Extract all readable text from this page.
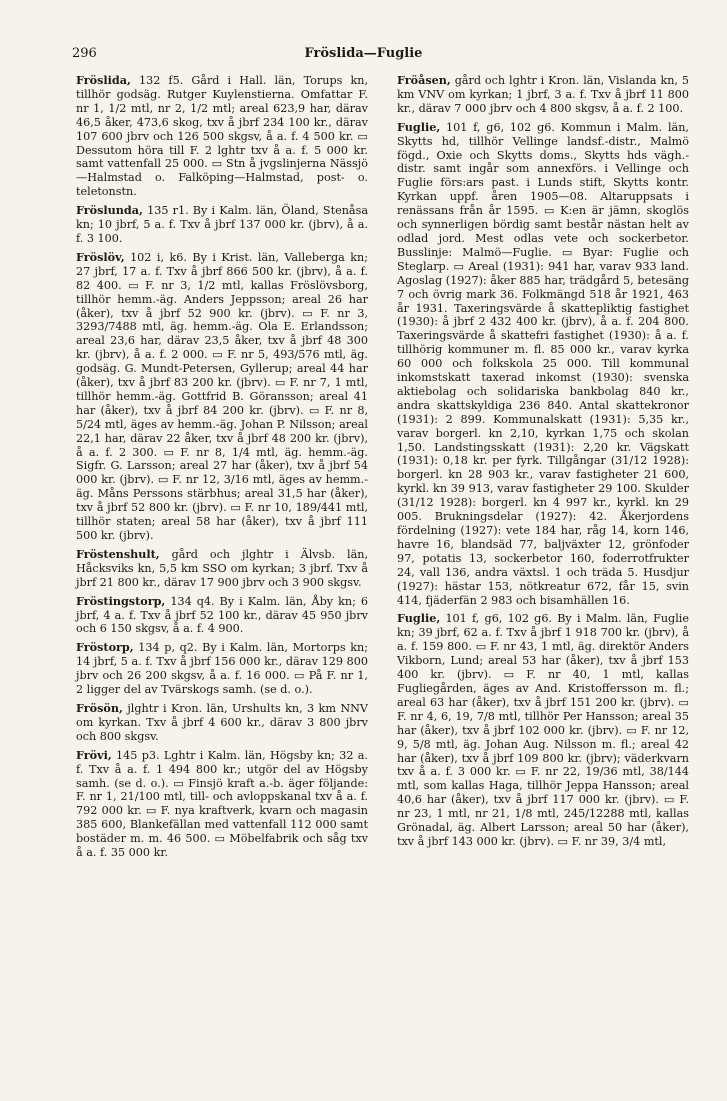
296	Fröslida—Fuglie

Fröslida, 132 f5. Gård i Hall. län, Torups kn, tillhör godsäg. Rutger Kuylenstierna. Omfattar F. nr 1, 1/2 mtl, nr 2, 1/2 mtl; areal 623,9 har, därav 46,5 åker, 473,6 skog, txv å jbrf 234 100 kr., därav 107 600 jbrv och 126 500 skgsv, å a. f. 4 500 kr. ▭ Dessutom höra till F. 2 lghtr txv å a. f. 5 000 kr. samt vattenfall 25 000. ▭ Stn å jvgslinjerna Nässjö—Halmstad o. Falköping—Halmstad, post- o. teletonstn.

Fröslunda, 135 r1. By i Kalm. län, Öland, Stenåsa kn; 10 jbrf, 5 a. f. Txv å jbrf 137 000 kr. (jbrv), å a. f. 3 100.

Fröslöv, 102 i, k6. By i Krist. län, Valleberga kn; 27 jbrf, 17 a. f. Txv å jbrf 866 500 kr. (jbrv), å a. f. 82 400. ▭ F. nr 3, 1/2 mtl, kallas Fröslövsborg, tillhör hemm.-äg. Anders Jeppsson; areal 26 har (åker), txv å jbrf 52 900 kr. (jbrv). ▭ F. nr 3, 3293/7488 mtl, äg. hemm.-äg. Ola E. Erlandsson; areal 23,6 har, därav 23,5 åker, txv å jbrf 48 300 kr. (jbrv), å a. f. 2 000. ▭ F. nr 5, 493/576 mtl, äg. godsäg. G. Mundt-Petersen, Gyllerup; areal 44 har (åker), txv å jbrf 83 200 kr. (jbrv). ▭ F. nr 7, 1 mtl, tillhör hemm.-äg. Gottfrid B. Göransson; areal 41 har (åker), txv å jbrf 84 200 kr. (jbrv). ▭ F. nr 8, 5/24 mtl, äges av hemm.-äg. Johan P. Nilsson; areal 22,1 har, därav 22 åker, txv å jbrf 48 200 kr. (jbrv), å a. f. 2 300. ▭ F. nr 8, 1/4 mtl, äg. hemm.-äg. Sigfr. G. Larsson; areal 27 har (åker), txv å jbrf 54 000 kr. (jbrv). ▭ F. nr 12, 3/16 mtl, äges av hemm.-äg. Måns Perssons stärbhus; areal 31,5 har (åker), txv å jbrf 52 800 kr. (jbrv). ▭ F. nr 10, 189/441 mtl, tillhör staten; areal 58 har (åker), txv å jbrf 111 500 kr. (jbrv).

Fröstenshult, gård och jlghtr i Älvsb. län, Håcksviks kn, 5,5 km SSO om kyrkan; 3 jbrf. Txv å jbrf 21 800 kr., därav 17 900 jbrv och 3 900 skgsv.

Fröstingstorp, 134 q4. By i Kalm. län, Åby kn; 6 jbrf, 4 a. f. Txv å jbrf 52 100 kr., därav 45 950 jbrv och 6 150 skgsv, å a. f. 4 900.

Fröstorp, 134 p, q2. By i Kalm. län, Mortorps kn; 14 jbrf, 5 a. f. Txv å jbrf 156 000 kr., därav 129 800 jbrv och 26 200 skgsv, å a. f. 16 000. ▭ På F. nr 1, 2 ligger del av Tvärskogs samh. (se d. o.).

Frösön, jlghtr i Kron. län, Urshults kn, 3 km NNV om kyrkan. Txv å jbrf 4 600 kr., därav 3 800 jbrv och 800 skgsv.

Frövi, 145 p3. Lghtr i Kalm. län, Högsby kn; 32 a. f. Txv å a. f. 1 494 800 kr.; utgör del av Högsby samh. (se d. o.). ▭ Finsjö kraft a.-b. äger följande: F. nr 1, 21/100 mtl, till- och avloppskanal txv å a. f. 792 000 kr. ▭ F. nya kraftverk, kvarn och magasin 385 600, Blankefällan med vattenfall 112 000 samt bostäder m. m. 46 500. ▭ Möbelfabrik och såg txv å a. f. 35 000 kr.

Fröåsen, gård och lghtr i Kron. län, Vislanda kn, 5 km VNV om kyrkan; 1 jbrf, 3 a. f. Txv å jbrf 11 800 kr., därav 7 000 jbrv och 4 800 skgsv, å a. f. 2 100.

Fuglie, 101 f, g6, 102 g6. Kommun i Malm. län, Skytts hd, tillhör Vellinge landsf.-distr., Malmö fögd., Oxie och Skytts doms., Skytts hds vägh.-distr. samt ingår som annexförs. i Vellinge och Fuglie förs:ars past. i Lunds stift, Skytts kontr. Kyrkan uppf. åren 1905—08. Altaruppsats i renässans från år 1595. ▭ K:en är jämn, skoglös och synnerligen bördig samt består nästan helt av odlad jord. Mest odlas vete och sockerbetor. Busslinje: Malmö—Fuglie. ▭ Byar: Fuglie och Steglarp. ▭ Areal (1931): 941 har, varav 933 land. Agoslag (1927): åker 885 har, trädgård 5, betesäng 7 och övrig mark 36. Folkmängd 518 år 1921, 463 år 1931. Taxeringsvärde å skattepliktig fastighet (1930): å jbrf 2 432 400 kr. (jbrv), å a. f. 204 800. Taxeringsvärde å skattefri fastighet (1930): å a. f. tillhörig kommuner m. fl. 85 000 kr., varav kyrka 60 000 och folkskola 25 000. Till kommunal inkomstskatt taxerad inkomst (1930): svenska aktiebolag och solidariska bankbolag 840 kr., andra skattskyldiga 236 840. Antal skattekronor (1931): 2 899. Kommunalskatt (1931): 5,35 kr., varav borgerl. kn 2,10, kyrkan 1,75 och skolan 1,50. Landstingsskatt (1931): 2,20 kr. Vägskatt (1931): 0,18 kr. per fyrk. Tillgångar (31/12 1928): borgerl. kn 28 903 kr., varav fastigheter 21 600, kyrkl. kn 39 913, varav fastigheter 29 100. Skulder (31/12 1928): borgerl. kn 4 997 kr., kyrkl. kn 29 005. Brukningsdelar (1927): 42. Åkerjordens fördelning (1927): vete 184 har, råg 14, korn 146, havre 16, blandsäd 77, baljväxter 12, grönfoder 97, potatis 13, sockerbetor 160, foderrotfrukter 24, vall 136, andra växtsl. 1 och träda 5. Husdjur (1927): hästar 153, nötkreatur 672, får 15, svin 414, fjäderfän 2 983 och bisamhällen 16.

Fuglie, 101 f, g6, 102 g6. By i Malm. län, Fuglie kn; 39 jbrf, 62 a. f. Txv å jbrf 1 918 700 kr. (jbrv), å a. f. 159 800. ▭ F. nr 43, 1 mtl, äg. direktör Anders Vikborn, Lund; areal 53 har (åker), txv å jbrf 153 400 kr. (jbrv). ▭ F. nr 40, 1 mtl, kallas Fugliegården, äges av And. Kristoffersson m. fl.; areal 63 har (åker), txv å jbrf 151 200 kr. (jbrv). ▭ F. nr 4, 6, 19, 7/8 mtl, tillhör Per Hansson; areal 35 har (åker), txv å jbrf 102 000 kr. (jbrv). ▭ F. nr 12, 9, 5/8 mtl, äg. Johan Aug. Nilsson m. fl.; areal 42 har (åker), txv å jbrf 109 800 kr. (jbrv); väderkvarn txv å a. f. 3 000 kr. ▭ F. nr 22, 19/36 mtl, 38/144 mtl, som kallas Haga, tillhör Jeppa Hansson; areal 40,6 har (åker), txv å jbrf 117 000 kr. (jbrv). ▭ F. nr 23, 1 mtl, nr 21, 1/8 mtl, 245/12288 mtl, kallas Grönadal, äg. Albert Larsson; areal 50 har (åker), txv å jbrf 143 000 kr. (jbrv). ▭ F. nr 39, 3/4 mtl,
